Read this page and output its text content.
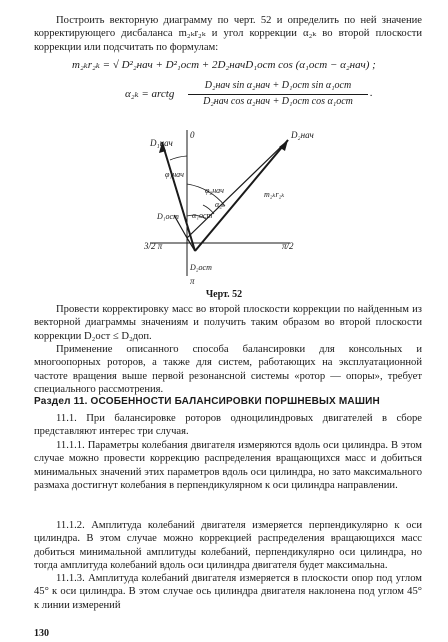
Построить векторную диаграмму по черт. 52 и определить по ней значение корректирующего дисбаланса m₂ₖr₂ₖ и угол коррекции α₂ₖ во второй плоскости коррекции или подсчитать по формулам:

m₂ₖr₂ₖ = √ D²₂нач + D²₁ост + 2D₂начD₁ост cos (α₁ост − α₂нач) ;
α₂ₖ = arctg
D₂нач sin α₂нач + D₁ост sin α₁ост
D₂нач cos α₂нач + D₁ост cos α₁ост
.
D₁нач
0	D₂нач
φ₁нач
φ₂нач	m₂ₖr₂ₖ
α₁ост
α₂ₖ
D₁ост
3/2 π	π/2
D₂ост
π
Черт. 52

Провести корректировку масс во второй плоскости коррекции по найденным из векторной диаграммы значениям и получить таким образом во второй плоскости коррекции D₂ост ≤ D₂доп.

Применение описанного способа балансировки для консольных и многоопорных роторов, а также для систем, работающих на эксплуатационной частоте вращения выше первой резонансной системы «ротор — опоры», требует специального рассмотрения.

Раздел 11. ОСОБЕННОСТИ БАЛАНСИРОВКИ ПОРШНЕВЫХ МАШИН

11.1. При балансировке роторов одноцилиндровых двигателей в сборе представляют интерес три случая.

11.1.1. Параметры колебания двигателя измеряются вдоль оси цилиндра. В этом случае можно провести коррекцию распределения вращающихся масс и добиться минимальных значений этих параметров вдоль оси цилиндра, но зато максимального размаха достигнут колебания в перпендикулярном к оси цилиндра направлении.

11.1.2. Амплитуда колебаний двигателя измеряется перпендикулярно к оси цилиндра. В этом случае можно коррекцией распределения вращающихся масс добиться минимальной амплитуды колебаний, перпендикулярно оси цилиндра, но тогда амплитуда колебаний вдоль оси цилиндра двигателя будет максимальна.

11.1.3. Амплитуда колебаний двигателя измеряется в плоскости опор под углом 45° к оси цилиндра. В этом случае ось цилиндра двигателя наклонена под углом 45° к линии измерений

130
